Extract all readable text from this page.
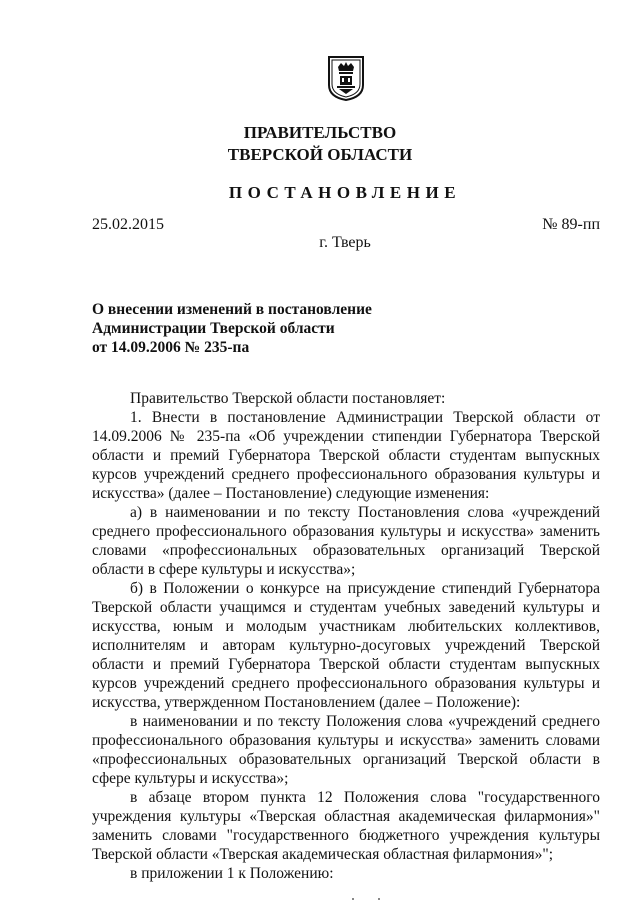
ПРАВИТЕЛЬСТВО
ТВЕРСКОЙ ОБЛАСТИ
ПОСТАНОВЛЕНИЕ
25.02.2015	№ 89-пп
г. Тверь
О внесении изменений в постановление
Администрации Тверской области
от 14.09.2006 № 235-па

Правительство Тверской области постановляет:

1. Внести в постановление Администрации Тверской области от 14.09.2006 № 235-па «Об учреждении стипендии Губернатора Тверской области и премий Губернатора Тверской области студентам выпускных курсов учреждений среднего профессионального образования культуры и искусства» (далее – Постановление) следующие изменения:

а) в наименовании и по тексту Постановления слова «учреждений среднего профессионального образования культуры и искусства» заменить словами «профессиональных образовательных организаций Тверской области в сфере культуры и искусства»;

б) в Положении о конкурсе на присуждение стипендий Губернатора Тверской области учащимся и студентам учебных заведений культуры и искусства, юным и молодым участникам любительских коллективов, исполнителям и авторам культурно-досуговых учреждений Тверской области и премий Губернатора Тверской области студентам выпускных курсов учреждений среднего профессионального образования культуры и искусства, утвержденном Постановлением (далее – Положение):

в наименовании и по тексту Положения слова «учреждений среднего профессионального образования культуры и искусства» заменить словами «профессиональных образовательных организаций Тверской области в сфере культуры и искусства»;

в абзаце втором пункта 12 Положения слова "государственного учреждения культуры «Тверская областная академическая филармония»" заменить словами "государственного бюджетного учреждения культуры Тверской области «Тверская академическая областная филармония»";

в приложении 1 к Положению:
